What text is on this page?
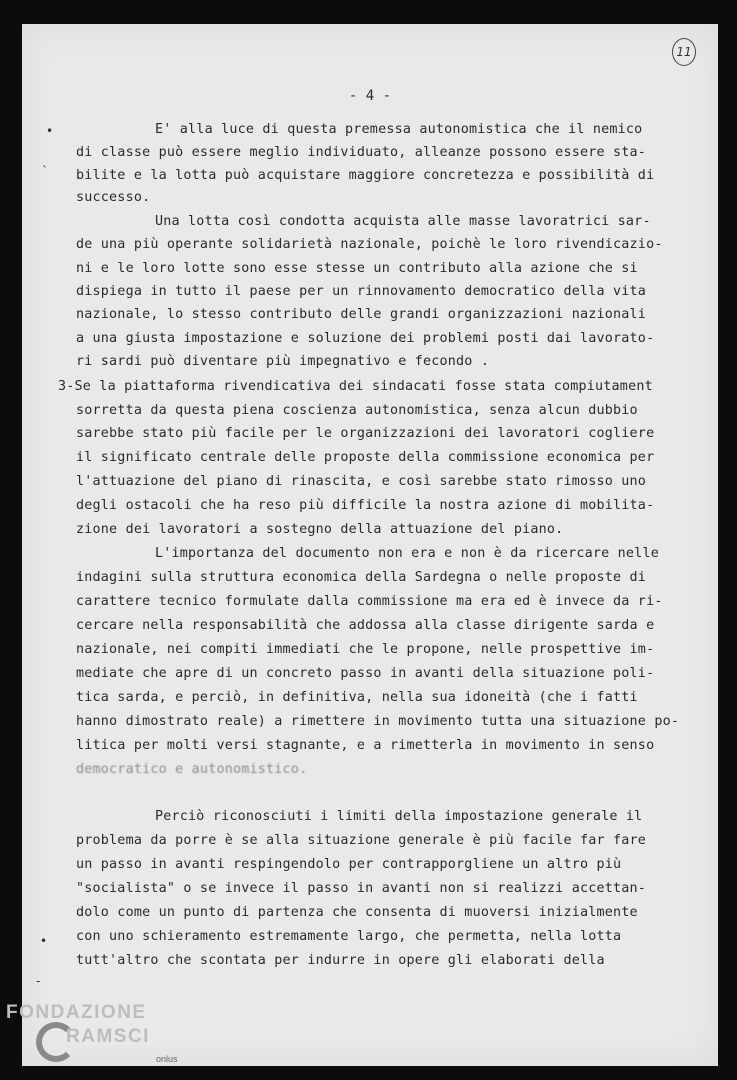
- 4 -
11
E' alla luce di questa premessa autonomistica che il nemico
di classe può essere meglio individuato, alleanze possono essere sta-
bilite e la lotta può acquistare maggiore concretezza e possibilità di
successo.
Una lotta così condotta acquista alle masse lavoratrici sar-
de una più operante solidarietà nazionale, poichè le loro rivendicazio-
ni e le loro lotte sono esse stesse un contributo alla azione che si
dispiega in tutto il paese per un rinnovamento democratico della vita
nazionale, lo stesso contributo delle grandi organizzazioni nazionali
a una giusta impostazione e soluzione dei problemi posti dai lavorato-
ri sardi può diventare più impegnativo e fecondo .
3-Se la piattaforma rivendicativa dei sindacati fosse stata compiutament
sorretta da questa piena coscienza autonomistica, senza alcun dubbio
sarebbe stato più facile per le organizzazioni dei lavoratori cogliere
il significato centrale delle proposte della commissione economica per
l'attuazione del piano di rinascita, e così sarebbe stato rimosso uno
degli ostacoli che ha reso più difficile la nostra azione di mobilita-
zione dei lavoratori a sostegno della attuazione del piano.
L'importanza del documento non era e non è da ricercare nelle
indagini sulla struttura economica della Sardegna o nelle proposte di
carattere tecnico formulate dalla commissione ma era ed è invece da ri-
cercare nella responsabilità che addossa alla classe dirigente sarda e
nazionale, nei compiti immediati che le propone, nelle prospettive im-
mediate che apre di un concreto passo in avanti della situazione poli-
tica sarda, e perciò, in definitiva, nella sua idoneità (che i fatti
hanno dimostrato reale) a rimettere in movimento tutta una situazione po-
litica per molti versi stagnante, e a rimetterla in movimento in senso
democratico e autonomistico.
Perciò riconosciuti i limiti della impostazione generale il
problema da porre è se alla situazione generale è più facile far fare
un passo in avanti respingendolo per contrapporgliene un altro più
"socialista" o se invece il passo in avanti non si realizzi accettan-
dolo come un punto di partenza che consenta di muoversi inizialmente
con uno schieramento estremamente largo, che permetta, nella lotta
tutt'altro che scontata per indurre in opere gli elaborati della
•
`
•
-
FONDAZIONE
RAMSCI
onlus
